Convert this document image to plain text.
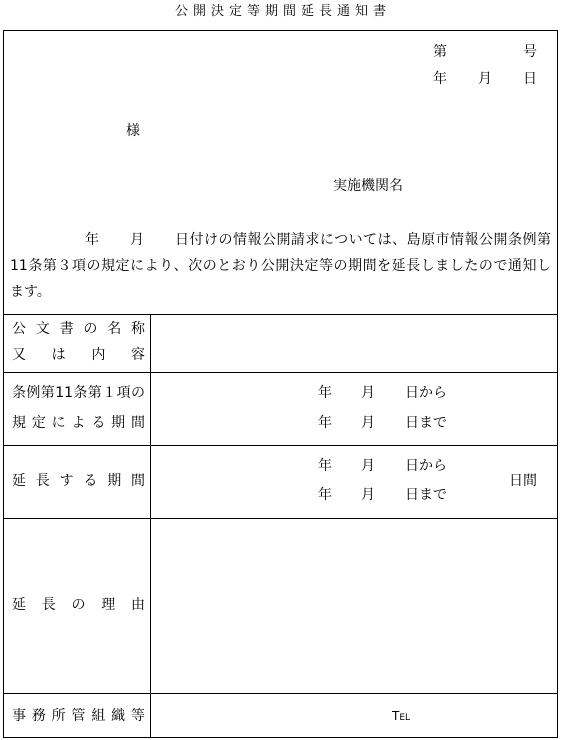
公開決定等期間延長通知書
第	号
年 月 日
様
実施機関名
年 月 日付けの情報公開請求については、島原市情報公開条例第
11条第３項の規定により、次のとおり公開決定等の期間を延長しましたので通知し
ます。
公文書の名称
又は内容
条例第11条第１項の
規定による期間
年 月 日から
年 月 日まで
延長する期間
年 月 日から
年 月 日まで
日間
延長の理由
事務所管組織等	TEL
